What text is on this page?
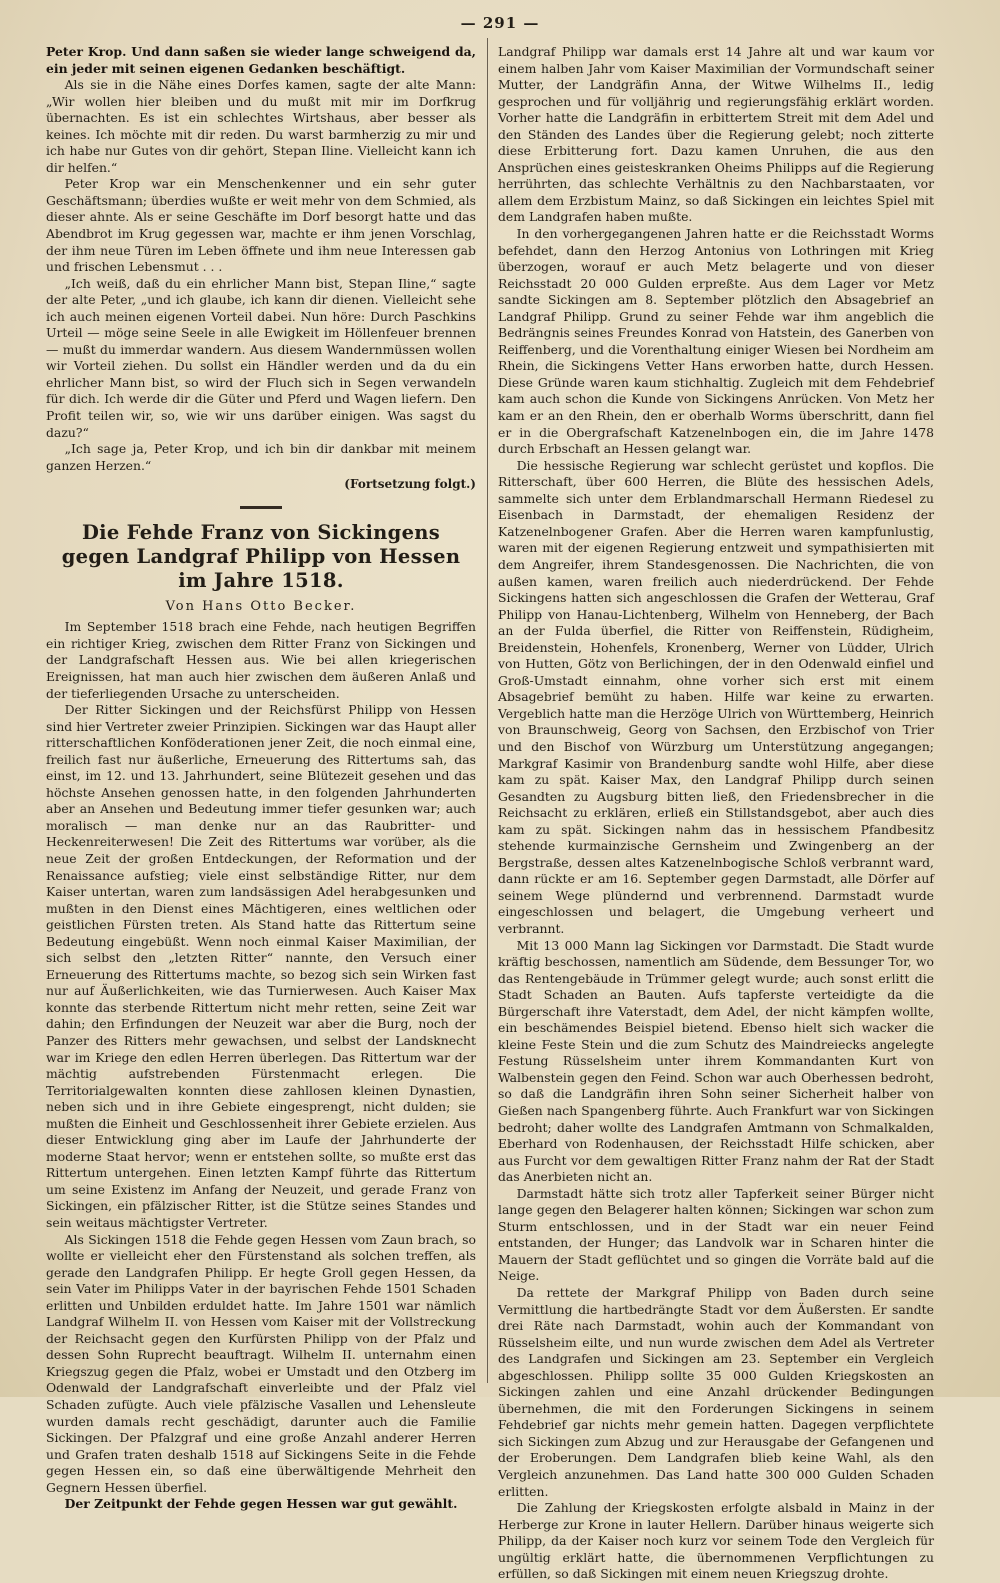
— 291 —

Peter Krop. Und dann saßen sie wieder lange schweigend da, ein jeder mit seinen eigenen Gedanken beschäftigt.

Als sie in die Nähe eines Dorfes kamen, sagte der alte Mann: „Wir wollen hier bleiben und du mußt mit mir im Dorfkrug übernachten. Es ist ein schlechtes Wirtshaus, aber besser als keines. Ich möchte mit dir reden. Du warst barmherzig zu mir und ich habe nur Gutes von dir gehört, Stepan Iline. Vielleicht kann ich dir helfen.“

Peter Krop war ein Menschenkenner und ein sehr guter Geschäftsmann; überdies wußte er weit mehr von dem Schmied, als dieser ahnte. Als er seine Geschäfte im Dorf besorgt hatte und das Abendbrot im Krug gegessen war, machte er ihm jenen Vorschlag, der ihm neue Türen im Leben öffnete und ihm neue Interessen gab und frischen Lebensmut . . .

„Ich weiß, daß du ein ehrlicher Mann bist, Stepan Iline,“ sagte der alte Peter, „und ich glaube, ich kann dir dienen. Vielleicht sehe ich auch meinen eigenen Vorteil dabei. Nun höre: Durch Paschkins Urteil — möge seine Seele in alle Ewigkeit im Höllenfeuer brennen — mußt du immerdar wandern. Aus diesem Wandernmüssen wollen wir Vorteil ziehen. Du sollst ein Händler werden und da du ein ehrlicher Mann bist, so wird der Fluch sich in Segen verwandeln für dich. Ich werde dir die Güter und Pferd und Wagen liefern. Den Profit teilen wir, so, wie wir uns darüber einigen. Was sagst du dazu?“

„Ich sage ja, Peter Krop, und ich bin dir dankbar mit meinem ganzen Herzen.“

(Fortsetzung folgt.)
Die Fehde Franz von Sickingens gegen Landgraf Philipp von Hessen im Jahre 1518.
Von Hans Otto Becker.

Im September 1518 brach eine Fehde, nach heutigen Begriffen ein richtiger Krieg, zwischen dem Ritter Franz von Sickingen und der Landgrafschaft Hessen aus. Wie bei allen kriegerischen Ereignissen, hat man auch hier zwischen dem äußeren Anlaß und der tieferliegenden Ursache zu unterscheiden.

Der Ritter Sickingen und der Reichsfürst Philipp von Hessen sind hier Vertreter zweier Prinzipien. Sickingen war das Haupt aller ritterschaftlichen Konföderationen jener Zeit, die noch einmal eine, freilich fast nur äußerliche, Erneuerung des Rittertums sah, das einst, im 12. und 13. Jahrhundert, seine Blütezeit gesehen und das höchste Ansehen genossen hatte, in den folgenden Jahrhunderten aber an Ansehen und Bedeutung immer tiefer gesunken war; auch moralisch — man denke nur an das Raubritter- und Heckenreiterwesen! Die Zeit des Rittertums war vorüber, als die neue Zeit der großen Entdeckungen, der Reformation und der Renaissance aufstieg; viele einst selbständige Ritter, nur dem Kaiser untertan, waren zum landsässigen Adel herabgesunken und mußten in den Dienst eines Mächtigeren, eines weltlichen oder geistlichen Fürsten treten. Als Stand hatte das Rittertum seine Bedeutung eingebüßt. Wenn noch einmal Kaiser Maximilian, der sich selbst den „letzten Ritter“ nannte, den Versuch einer Erneuerung des Rittertums machte, so bezog sich sein Wirken fast nur auf Äußerlichkeiten, wie das Turnierwesen. Auch Kaiser Max konnte das sterbende Rittertum nicht mehr retten, seine Zeit war dahin; den Erfindungen der Neuzeit war aber die Burg, noch der Panzer des Ritters mehr gewachsen, und selbst der Landsknecht war im Kriege den edlen Herren überlegen. Das Rittertum war der mächtig aufstrebenden Fürstenmacht erlegen. Die Territorialgewalten konnten diese zahllosen kleinen Dynastien, neben sich und in ihre Gebiete eingesprengt, nicht dulden; sie mußten die Einheit und Geschlossenheit ihrer Gebiete erzielen. Aus dieser Entwicklung ging aber im Laufe der Jahrhunderte der moderne Staat hervor; wenn er entstehen sollte, so mußte erst das Rittertum untergehen. Einen letzten Kampf führte das Rittertum um seine Existenz im Anfang der Neuzeit, und gerade Franz von Sickingen, ein pfälzischer Ritter, ist die Stütze seines Standes und sein weitaus mächtigster Vertreter.

Als Sickingen 1518 die Fehde gegen Hessen vom Zaun brach, so wollte er vielleicht eher den Fürstenstand als solchen treffen, als gerade den Landgrafen Philipp. Er hegte Groll gegen Hessen, da sein Vater im Philipps Vater in der bayrischen Fehde 1501 Schaden erlitten und Unbilden erduldet hatte. Im Jahre 1501 war nämlich Landgraf Wilhelm II. von Hessen vom Kaiser mit der Vollstreckung der Reichsacht gegen den Kurfürsten Philipp von der Pfalz und dessen Sohn Ruprecht beauftragt. Wilhelm II. unternahm einen Kriegszug gegen die Pfalz, wobei er Umstadt und den Otzberg im Odenwald der Landgrafschaft einverleibte und der Pfalz viel Schaden zufügte. Auch viele pfälzische Vasallen und Lehensleute wurden damals recht geschädigt, darunter auch die Familie Sickingen. Der Pfalzgraf und eine große Anzahl anderer Herren und Grafen traten deshalb 1518 auf Sickingens Seite in die Fehde gegen Hessen ein, so daß eine überwältigende Mehrheit den Gegnern Hessen überfiel.

Der Zeitpunkt der Fehde gegen Hessen war gut gewählt.

Landgraf Philipp war damals erst 14 Jahre alt und war kaum vor einem halben Jahr vom Kaiser Maximilian der Vormundschaft seiner Mutter, der Landgräfin Anna, der Witwe Wilhelms II., ledig gesprochen und für volljährig und regierungsfähig erklärt worden. Vorher hatte die Landgräfin in erbittertem Streit mit dem Adel und den Ständen des Landes über die Regierung gelebt; noch zitterte diese Erbitterung fort. Dazu kamen Unruhen, die aus den Ansprüchen eines geisteskranken Oheims Philipps auf die Regierung herrührten, das schlechte Verhältnis zu den Nachbarstaaten, vor allem dem Erzbistum Mainz, so daß Sickingen ein leichtes Spiel mit dem Landgrafen haben mußte.

In den vorhergegangenen Jahren hatte er die Reichsstadt Worms befehdet, dann den Herzog Antonius von Lothringen mit Krieg überzogen, worauf er auch Metz belagerte und von dieser Reichsstadt 20 000 Gulden erpreßte. Aus dem Lager vor Metz sandte Sickingen am 8. September plötzlich den Absagebrief an Landgraf Philipp. Grund zu seiner Fehde war ihm angeblich die Bedrängnis seines Freundes Konrad von Hatstein, des Ganerben von Reiffenberg, und die Vorenthaltung einiger Wiesen bei Nordheim am Rhein, die Sickingens Vetter Hans erworben hatte, durch Hessen. Diese Gründe waren kaum stichhaltig. Zugleich mit dem Fehdebrief kam auch schon die Kunde von Sickingens Anrücken. Von Metz her kam er an den Rhein, den er oberhalb Worms überschritt, dann fiel er in die Obergrafschaft Katzenelnbogen ein, die im Jahre 1478 durch Erbschaft an Hessen gelangt war.

Die hessische Regierung war schlecht gerüstet und kopflos. Die Ritterschaft, über 600 Herren, die Blüte des hessischen Adels, sammelte sich unter dem Erblandmarschall Hermann Riedesel zu Eisenbach in Darmstadt, der ehemaligen Residenz der Katzenelnbogener Grafen. Aber die Herren waren kampfunlustig, waren mit der eigenen Regierung entzweit und sympathisierten mit dem Angreifer, ihrem Standesgenossen. Die Nachrichten, die von außen kamen, waren freilich auch niederdrückend. Der Fehde Sickingens hatten sich angeschlossen die Grafen der Wetterau, Graf Philipp von Hanau-Lichtenberg, Wilhelm von Henneberg, der Bach an der Fulda überfiel, die Ritter von Reiffenstein, Rüdigheim, Breidenstein, Hohenfels, Kronenberg, Werner von Lüdder, Ulrich von Hutten, Götz von Berlichingen, der in den Odenwald einfiel und Groß-Umstadt einnahm, ohne vorher sich erst mit einem Absagebrief bemüht zu haben. Hilfe war keine zu erwarten. Vergeblich hatte man die Herzöge Ulrich von Württemberg, Heinrich von Braunschweig, Georg von Sachsen, den Erzbischof von Trier und den Bischof von Würzburg um Unterstützung angegangen; Markgraf Kasimir von Brandenburg sandte wohl Hilfe, aber diese kam zu spät. Kaiser Max, den Landgraf Philipp durch seinen Gesandten zu Augsburg bitten ließ, den Friedensbrecher in die Reichsacht zu erklären, erließ ein Stillstandsgebot, aber auch dies kam zu spät. Sickingen nahm das in hessischem Pfandbesitz stehende kurmainzische Gernsheim und Zwingenberg an der Bergstraße, dessen altes Katzenelnbogische Schloß verbrannt ward, dann rückte er am 16. September gegen Darmstadt, alle Dörfer auf seinem Wege plündernd und verbrennend. Darmstadt wurde eingeschlossen und belagert, die Umgebung verheert und verbrannt.

Mit 13 000 Mann lag Sickingen vor Darmstadt. Die Stadt wurde kräftig beschossen, namentlich am Südende, dem Bessunger Tor, wo das Rentengebäude in Trümmer gelegt wurde; auch sonst erlitt die Stadt Schaden an Bauten. Aufs tapferste verteidigte da die Bürgerschaft ihre Vaterstadt, dem Adel, der nicht kämpfen wollte, ein beschämendes Beispiel bietend. Ebenso hielt sich wacker die kleine Feste Stein und die zum Schutz des Maindreiecks angelegte Festung Rüsselsheim unter ihrem Kommandanten Kurt von Walbenstein gegen den Feind. Schon war auch Oberhessen bedroht, so daß die Landgräfin ihren Sohn seiner Sicherheit halber von Gießen nach Spangenberg führte. Auch Frankfurt war von Sickingen bedroht; daher wollte des Landgrafen Amtmann von Schmalkalden, Eberhard von Rodenhausen, der Reichsstadt Hilfe schicken, aber aus Furcht vor dem gewaltigen Ritter Franz nahm der Rat der Stadt das Anerbieten nicht an.

Darmstadt hätte sich trotz aller Tapferkeit seiner Bürger nicht lange gegen den Belagerer halten können; Sickingen war schon zum Sturm entschlossen, und in der Stadt war ein neuer Feind entstanden, der Hunger; das Landvolk war in Scharen hinter die Mauern der Stadt geflüchtet und so gingen die Vorräte bald auf die Neige.

Da rettete der Markgraf Philipp von Baden durch seine Vermittlung die hartbedrängte Stadt vor dem Äußersten. Er sandte drei Räte nach Darmstadt, wohin auch der Kommandant von Rüsselsheim eilte, und nun wurde zwischen dem Adel als Vertreter des Landgrafen und Sickingen am 23. September ein Vergleich abgeschlossen. Philipp sollte 35 000 Gulden Kriegskosten an Sickingen zahlen und eine Anzahl drückender Bedingungen übernehmen, die mit den Forderungen Sickingens in seinem Fehdebrief gar nichts mehr gemein hatten. Dagegen verpflichtete sich Sickingen zum Abzug und zur Herausgabe der Gefangenen und der Eroberungen. Dem Landgrafen blieb keine Wahl, als den Vergleich anzunehmen. Das Land hatte 300 000 Gulden Schaden erlitten.

Die Zahlung der Kriegskosten erfolgte alsbald in Mainz in der Herberge zur Krone in lauter Hellern. Darüber hinaus weigerte sich Philipp, da der Kaiser noch kurz vor seinem Tode den Vergleich für ungültig erklärt hatte, die übernommenen Verpflichtungen zu erfüllen, so daß Sickingen mit einem neuen Kriegszug drohte.
